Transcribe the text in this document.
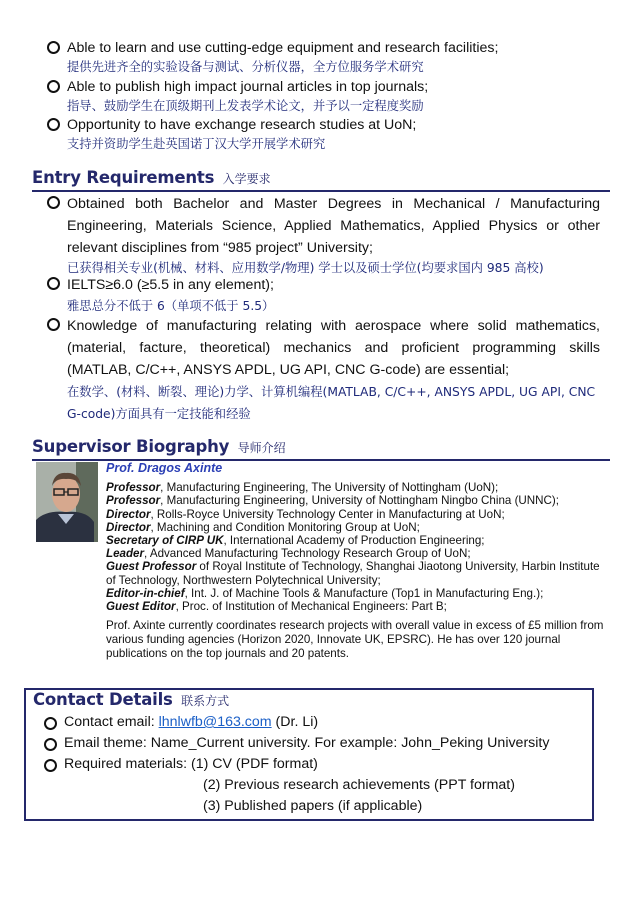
Able to learn and use cutting-edge equipment and research facilities;
提供先进齐全的实验设备与测试、分析仪器，全方位服务学术研究
Able to publish high impact journal articles in top journals;
指导、鼓励学生在顶级期刊上发表学术论文，并予以一定程度奖励
Opportunity to have exchange research studies at UoN;
支持并资助学生赴英国诺丁汉大学开展学术研究
Entry Requirements 入学要求
Obtained both Bachelor and Master Degrees in Mechanical / Manufacturing Engineering, Materials Science, Applied Mathematics, Applied Physics or other relevant disciplines from “985 project” University;
已获得相关专业(机械、材料、应用数学/物理) 学士以及硕士学位(均要求国内 985 高校)
IELTS≥6.0 (≥5.5 in any element);
雅思总分不低于 6（单项不低于 5.5）
Knowledge of manufacturing relating with aerospace where solid mathematics, (material, facture, theoretical) mechanics and proficient programming skills (MATLAB, C/C++, ANSYS APDL, UG API, CNC G-code) are essential;
在数学、(材料、断裂、理论)力学、计算机编程(MATLAB, C/C++, ANSYS APDL, UG API, CNC G-code)方面具有一定技能和经验
Supervisor Biography 导师介绍
Prof. Dragos Axinte
Professor, Manufacturing Engineering, The University of Nottingham (UoN);
Professor, Manufacturing Engineering, University of Nottingham Ningbo China (UNNC);
Director, Rolls-Royce University Technology Center in Manufacturing at UoN;
Director, Machining and Condition Monitoring Group at UoN;
Secretary of CIRP UK, International Academy of Production Engineering;
Leader, Advanced Manufacturing Technology Research Group of UoN;
Guest Professor of Royal Institute of Technology, Shanghai Jiaotong University, Harbin Institute of Technology, Northwestern Polytechnical University;
Editor-in-chief, Int. J. of Machine Tools & Manufacture (Top1 in Manufacturing Eng.);
Guest Editor, Proc. of Institution of Mechanical Engineers: Part B;
Prof. Axinte currently coordinates research projects with overall value in excess of £5 million from various funding agencies (Horizon 2020, Innovate UK, EPSRC). He has over 120 journal publications on the top journals and 20 patents.
Contact Details 联系方式
Contact email: lhnlwfb@163.com (Dr. Li)
Email theme: Name_Current university. For example: John_Peking University
Required materials: (1) CV (PDF format)
(2) Previous research achievements (PPT format)
(3) Published papers (if applicable)
